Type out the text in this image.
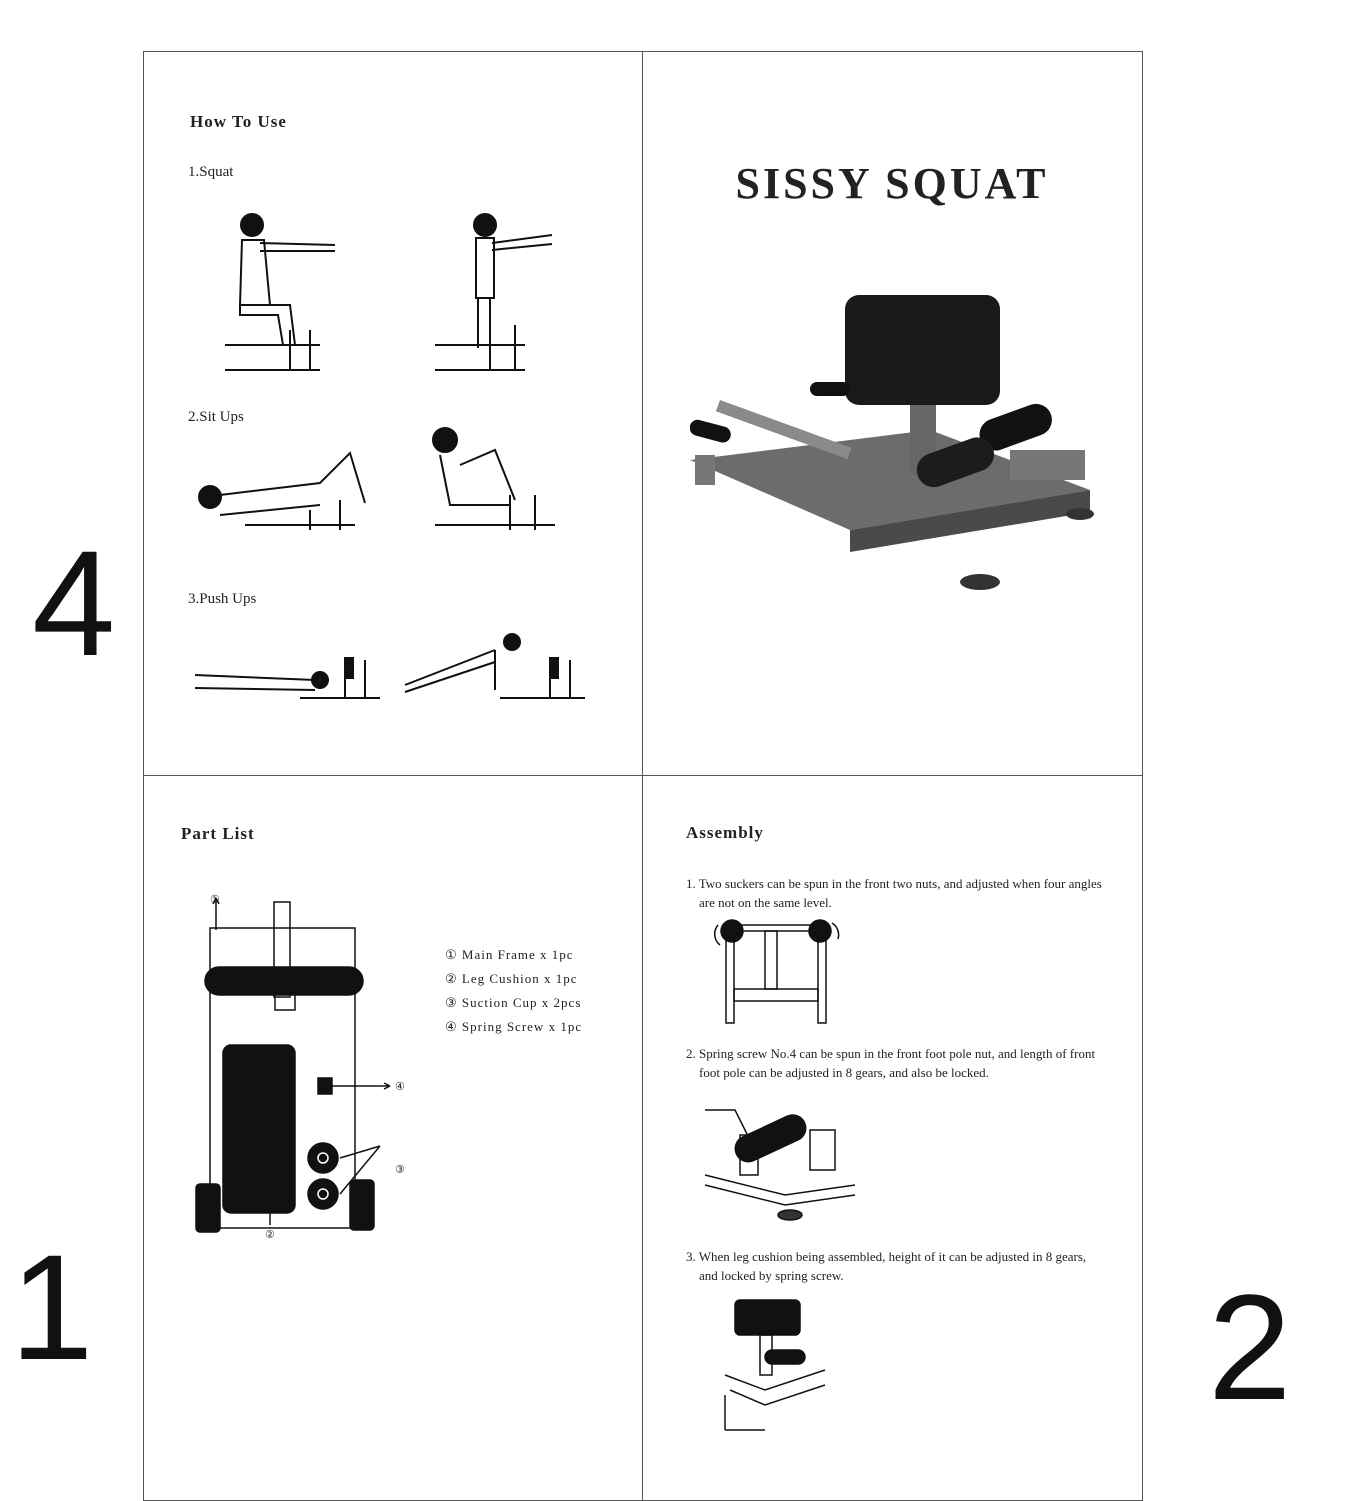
4
1	2
How To Use
1.Squat
2.Sit Ups
3.Push Ups
SISSY SQUAT
Part List
①
②
③
④
① Main Frame x 1pc
② Leg Cushion x 1pc
③ Suction Cup x 2pcs
④ Spring Screw x 1pc
Assembly
1. Two suckers can be spun in the front two nuts, and adjusted when four angles are not on the same level.
2. Spring screw No.4 can be spun in the front foot pole nut, and length of front foot pole can be adjusted in 8 gears, and also be locked.
3. When leg cushion being assembled, height of it can be adjusted in 8 gears, and locked by spring screw.
